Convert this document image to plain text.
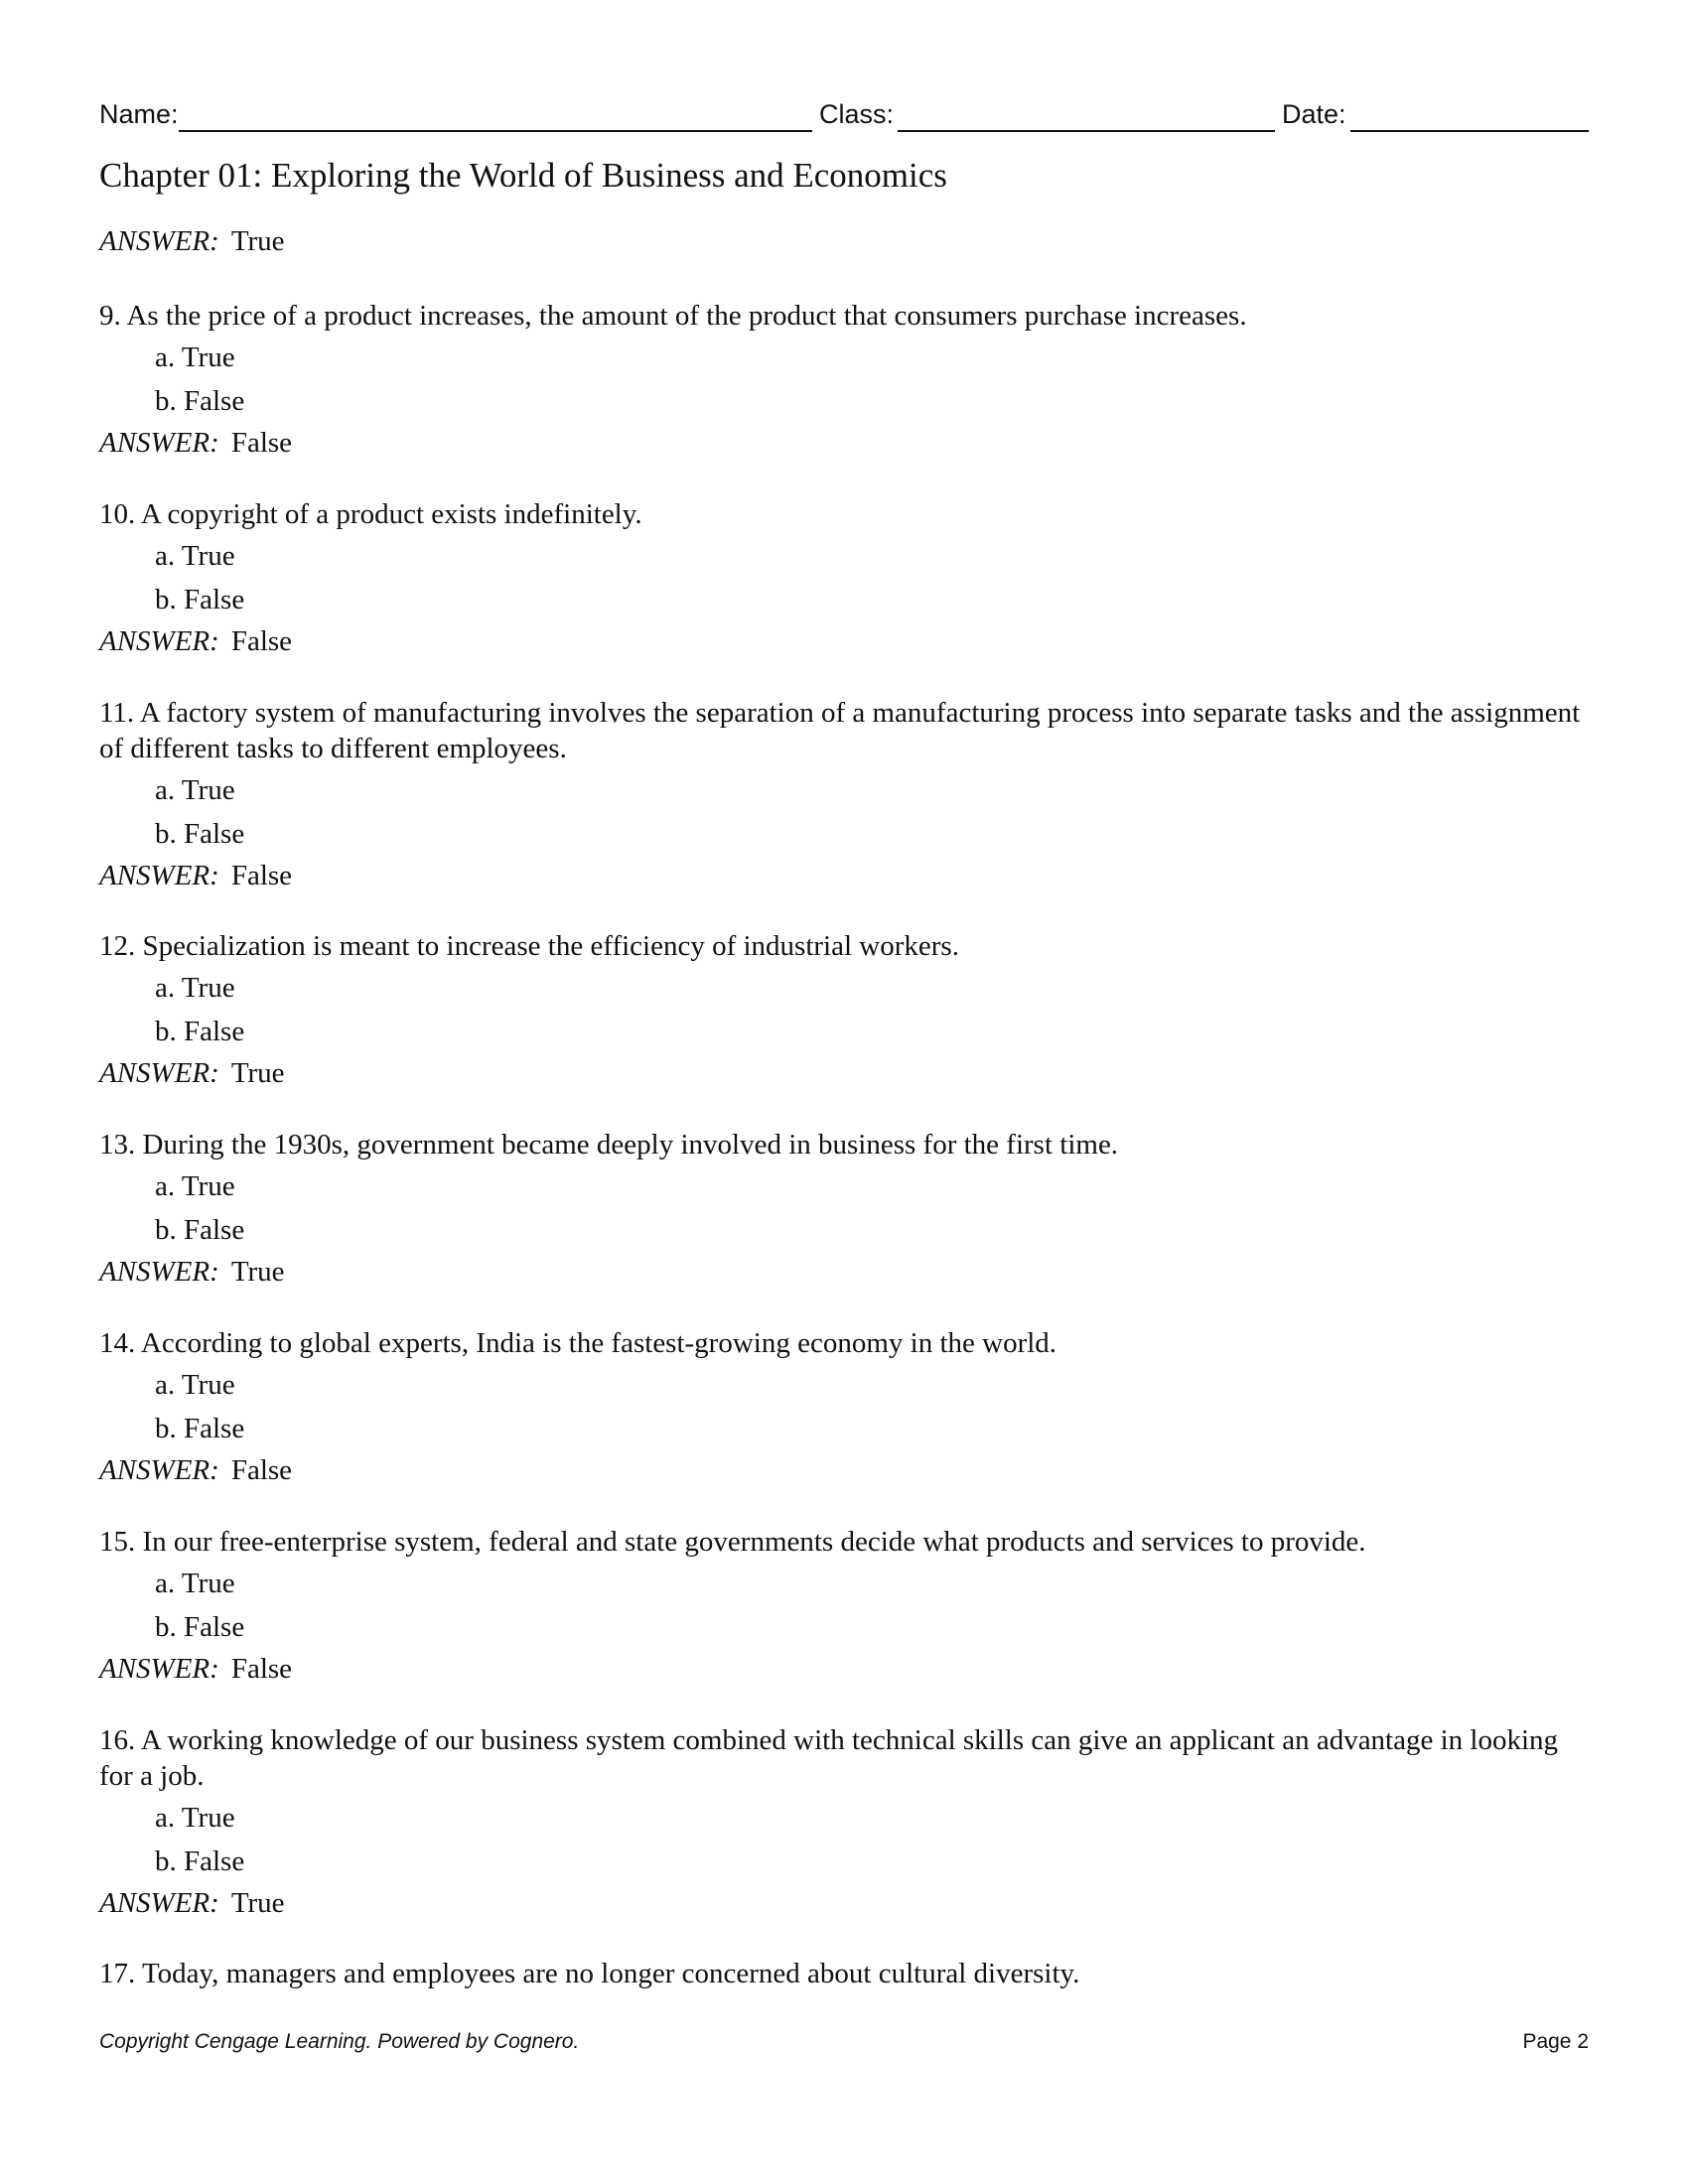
Name:	Class:	Date:
Chapter 01: Exploring the World of Business and Economics
ANSWER: True
9. As the price of a product increases, the amount of the product that consumers purchase increases.
a. True
b. False
ANSWER: False
10. A copyright of a product exists indefinitely.
a. True
b. False
ANSWER: False
11. A factory system of manufacturing involves the separation of a manufacturing process into separate tasks and the assignment of different tasks to different employees.
a. True
b. False
ANSWER: False
12. Specialization is meant to increase the efficiency of industrial workers.
a. True
b. False
ANSWER: True
13. During the 1930s, government became deeply involved in business for the first time.
a. True
b. False
ANSWER: True
14. According to global experts, India is the fastest-growing economy in the world.
a. True
b. False
ANSWER: False
15. In our free-enterprise system, federal and state governments decide what products and services to provide.
a. True
b. False
ANSWER: False
16. A working knowledge of our business system combined with technical skills can give an applicant an advantage in looking for a job.
a. True
b. False
ANSWER: True
17. Today, managers and employees are no longer concerned about cultural diversity.
Copyright Cengage Learning. Powered by Cognero.	Page 2
